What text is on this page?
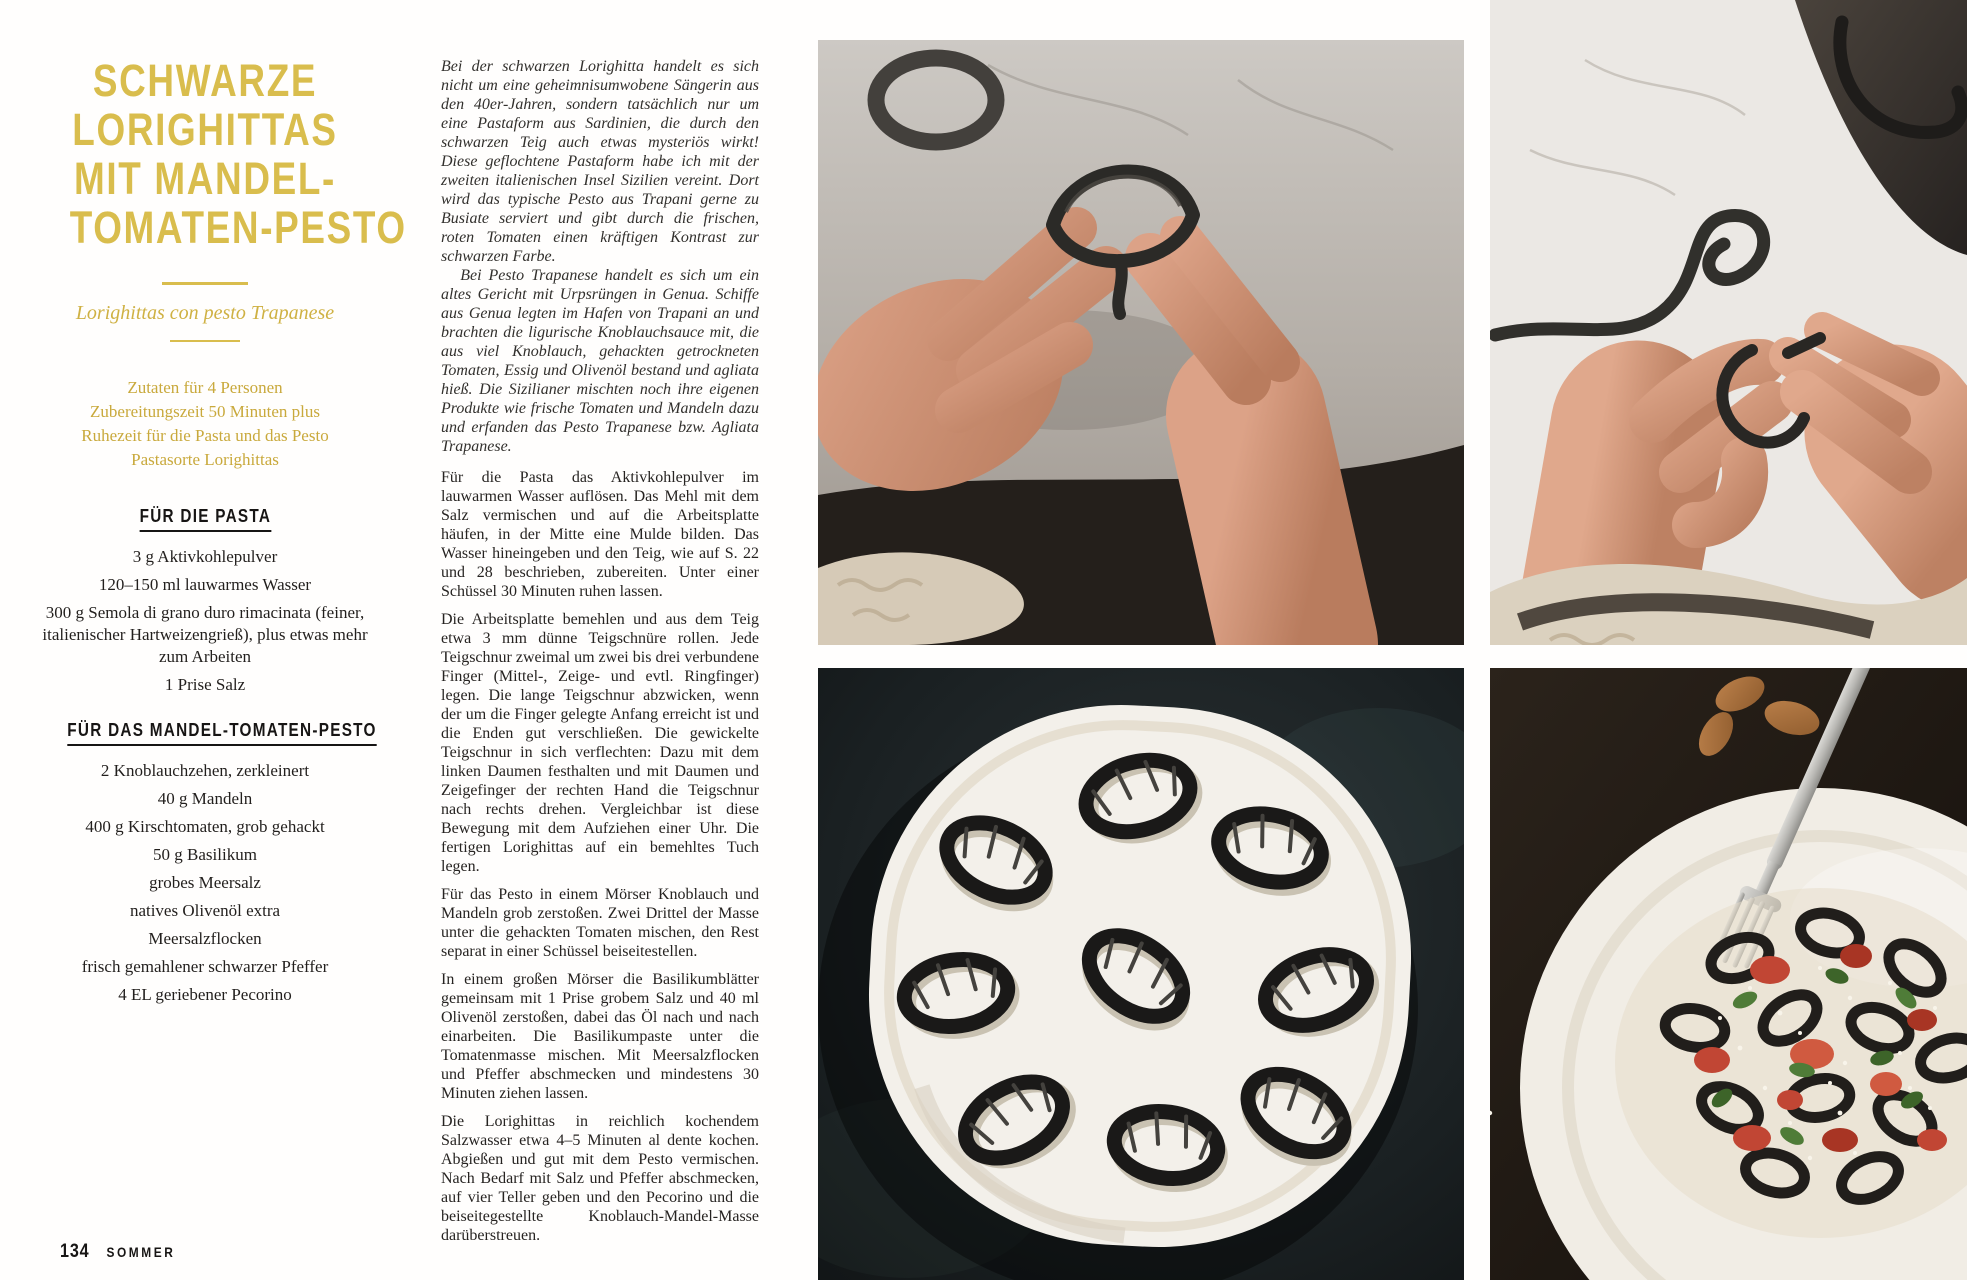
SCHWARZE
LORIGHITTAS
MIT MANDEL-
TOMATEN-PESTO
Lorighittas con pesto Trapanese
Zutaten für 4 Personen
Zubereitungszeit 50 Minuten plus
Ruhezeit für die Pasta und das Pesto
Pastasorte Lorighittas
FÜR DIE PASTA
3 g Aktivkohlepulver
120–150 ml lauwarmes Wasser
300 g Semola di grano duro rimacinata (feiner, italienischer Hartweizengrieß), plus etwas mehr zum Arbeiten
1 Prise Salz
FÜR DAS MANDEL-TOMATEN-PESTO
2 Knoblauchzehen, zerkleinert
40 g Mandeln
400 g Kirschtomaten, grob gehackt
50 g Basilikum
grobes Meersalz
natives Olivenöl extra
Meersalzflocken
frisch gemahlener schwarzer Pfeffer
4 EL geriebener Pecorino

Bei der schwarzen Lorighitta handelt es sich nicht um eine geheimnisumwobene Sängerin aus den 40er-Jahren, sondern tatsächlich nur um eine Pastaform aus Sardinien, die durch den schwarzen Teig auch etwas mysteriös wirkt! Diese geflochtene Pastaform habe ich mit der zweiten italienischen Insel Sizilien vereint. Dort wird das typische Pesto aus Trapani gerne zu Busiate serviert und gibt durch die frischen, roten Tomaten einen kräftigen Kontrast zur schwarzen Farbe.

Bei Pesto Trapanese handelt es sich um ein altes Gericht mit Urpsrüngen in Genua. Schiffe aus Genua legten im Hafen von Trapani an und brachten die ligurische Knoblauchsauce mit, die aus viel Knoblauch, gehackten getrockneten Tomaten, Essig und Olivenöl bestand und agliata hieß. Die Sizilianer mischten noch ihre eigenen Produkte wie frische Tomaten und Mandeln dazu und erfanden das Pesto Trapanese bzw. Agliata Trapanese.

Für die Pasta das Aktivkohlepulver im lauwarmen Wasser auflösen. Das Mehl mit dem Salz vermischen und auf die Arbeitsplatte häufen, in der Mitte eine Mulde bilden. Das Wasser hineingeben und den Teig, wie auf S. 22 und 28 beschrieben, zubereiten. Unter einer Schüssel 30 Minuten ruhen lassen.

Die Arbeitsplatte bemehlen und aus dem Teig etwa 3 mm dünne Teigschnüre rollen. Jede Teigschnur zweimal um zwei bis drei verbundene Finger (Mittel-, Zeige- und evtl. Ringfinger) legen. Die lange Teigschnur abzwicken, wenn der um die Finger gelegte Anfang erreicht ist und die Enden gut verschließen. Die gewickelte Teigschnur in sich verflechten: Dazu mit dem linken Daumen festhalten und mit Daumen und Zeigefinger der rechten Hand die Teigschnur nach rechts drehen. Vergleichbar ist diese Bewegung mit dem Aufziehen einer Uhr. Die fertigen Lorighittas auf ein bemehltes Tuch legen.

Für das Pesto in einem Mörser Knoblauch und Mandeln grob zerstoßen. Zwei Drittel der Masse unter die gehackten Tomaten mischen, den Rest separat in einer Schüssel beiseitestellen.

In einem großen Mörser die Basilikumblätter gemeinsam mit 1 Prise grobem Salz und 40 ml Olivenöl zerstoßen, dabei das Öl nach und nach einarbeiten. Die Basilikumpaste unter die Tomatenmasse mischen. Mit Meersalzflocken und Pfeffer abschmecken und mindestens 30 Minuten ziehen lassen.

Die Lorighittas in reichlich kochendem Salzwasser etwa 4–5 Minuten al dente kochen. Abgießen und gut mit dem Pesto vermischen. Nach Bedarf mit Salz und Pfeffer abschmecken, auf vier Teller geben und den Pecorino und die beiseitegestellte Knoblauch-Mandel-Masse darüberstreuen.

134 SOMMER
